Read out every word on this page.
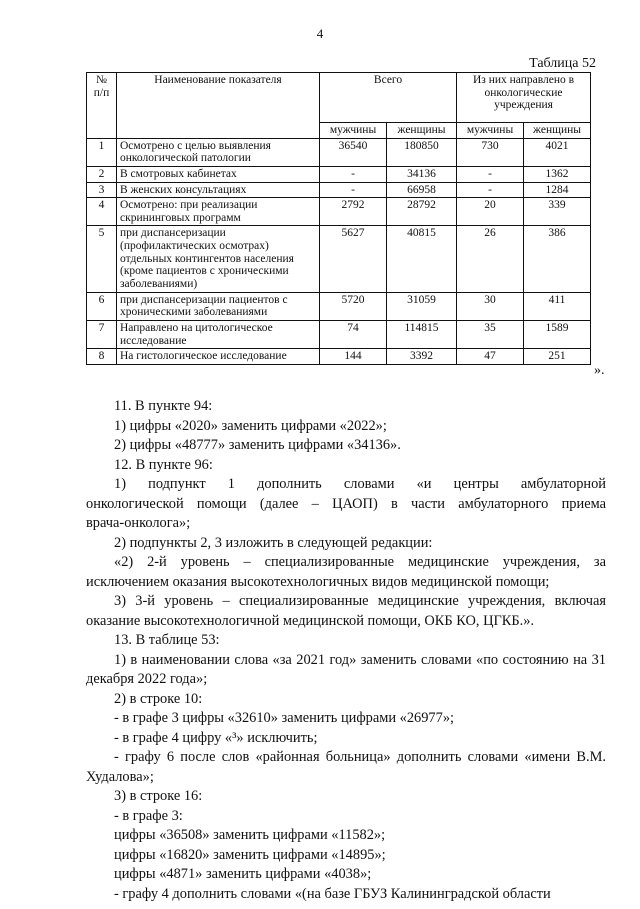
4
Таблица 52
№ п/п	Наименование показателя	Всего		Из них направлено в онкологические учреждения	
		мужчины	женщины	мужчины	женщины
1	Осмотрено с целью выявления онкологической патологии	36540	180850	730	4021
2	В смотровых кабинетах	-	34136	-	1362
3	В женских консультациях	-	66958	-	1284
4	Осмотрено: при реализации скрининговых программ	2792	28792	20	339
5	при диспансеризации (профилактических осмотрах) отдельных контингентов населения (кроме пациентов с хроническими заболеваниями)	5627	40815	26	386
6	при диспансеризации пациентов с хроническими заболеваниями	5720	31059	30	411
7	Направлено на цитологическое исследование	74	114815	35	1589
8	На гистологическое исследование	144	3392	47	251
».

11. В пункте 94:

1) цифры «2020» заменить цифрами «2022»;

2) цифры «48777» заменить цифрами «34136».

12. В пункте 96:

1) подпункт 1 дополнить словами «и центры амбулаторной онкологической помощи (далее – ЦАОП) в части амбулаторного приема врача-онколога»;

2) подпункты 2, 3 изложить в следующей редакции:

«2) 2-й уровень – специализированные медицинские учреждения, за исключением оказания высокотехнологичных видов медицинской помощи;

3) 3-й уровень – специализированные медицинские учреждения, включая оказание высокотехнологичной медицинской помощи, ОКБ КО, ЦГКБ.».

13. В таблице 53:

1) в наименовании слова «за 2021 год» заменить словами «по состоянию на 31 декабря 2022 года»;

2) в строке 10:

- в графе 3 цифры «32610» заменить цифрами «26977»;

- в графе 4 цифру «³» исключить;

- графу 6 после слов «районная больница» дополнить словами «имени В.М. Худалова»;

3) в строке 16:

- в графе 3:

цифры «36508» заменить цифрами «11582»;

цифры «16820» заменить цифрами «14895»;

цифры «4871» заменить цифрами «4038»;

- графу 4 дополнить словами «(на базе ГБУЗ Калининградской области
